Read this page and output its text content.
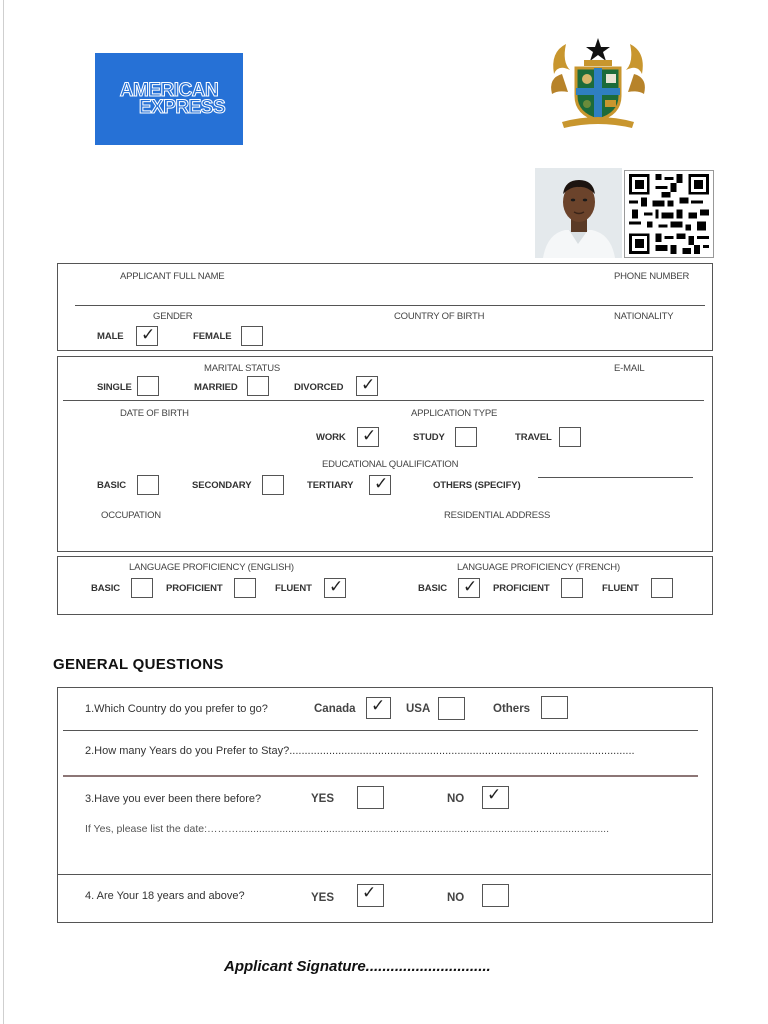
AMERICAN
EXPRESS
APPLICANT FULL NAME	PHONE NUMBER
GENDER	COUNTRY OF BIRTH	NATIONALITY
MALE ✓	FEMALE
MARITAL STATUS	E-MAIL
SINGLE	MARRIED	DIVORCED ✓
DATE OF BIRTH	APPLICATION TYPE
WORK ✓	STUDY	TRAVEL
EDUCATIONAL QUALIFICATION
BASIC	SECONDARY	TERTIARY ✓	OTHERS (SPECIFY)
OCCUPATION	RESIDENTIAL ADDRESS
LANGUAGE PROFICIENCY (ENGLISH)	LANGUAGE PROFICIENCY (FRENCH)
BASIC	PROFICIENT	FLUENT ✓	BASIC ✓ PROFICIENT	FLUENT
GENERAL QUESTIONS
1.Which Country do you prefer to go?	Canada ✓ USA	Others
2.How many Years do you Prefer to Stay?.................................................................................................................
3.Have you ever been there before?	YES	NO ✓
If Yes, please list the date:………...............................................................................................................................
4. Are Your 18 years and above?	YES ✓	NO
Applicant Signature..............................
